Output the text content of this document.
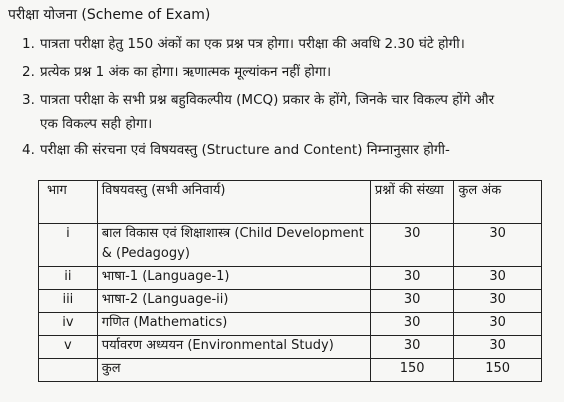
परीक्षा योजना (Scheme of Exam)
1. पात्रता परीक्षा हेतु 150 अंकों का एक प्रश्न पत्र होगा। परीक्षा की अवधि 2.30 घंटे होगी।
2. प्रत्येक प्रश्न 1 अंक का होगा। ऋणात्मक मूल्यांकन नहीं होगा।
3. पात्रता परीक्षा के सभी प्रश्न बहुविकल्पीय (MCQ) प्रकार के होंगे, जिनके चार विकल्प होंगे और
एक विकल्प सही होगा।
4. परीक्षा की संरचना एवं विषयवस्तु (Structure and Content) निम्नानुसार होगी-
भाग	विषयवस्तु (सभी अनिवार्य)	प्रश्नों की संख्या	कुल अंक
i	बाल विकास एवं शिक्षाशास्त्र (Child Development & (Pedagogy)	30	30
ii	भाषा-1 (Language-1)	30	30
iii	भाषा-2 (Language-ii)	30	30
iv	गणित (Mathematics)	30	30
v	पर्यावरण अध्ययन (Environmental Study)	30	30
	कुल	150	150
